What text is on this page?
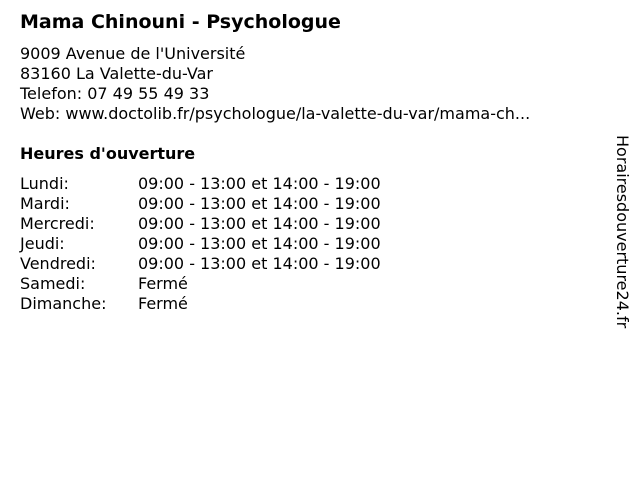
Mama Chinouni - Psychologue
9009 Avenue de l'Université
83160 La Valette-du-Var
Telefon: 07 49 55 49 33
Web: www.doctolib.fr/psychologue/la-valette-du-var/mama-ch...
Heures d'ouverture
Lundi:	09:00 - 13:00 et 14:00 - 19:00
Mardi:	09:00 - 13:00 et 14:00 - 19:00
Mercredi:	09:00 - 13:00 et 14:00 - 19:00
Jeudi:	09:00 - 13:00 et 14:00 - 19:00
Vendredi:	09:00 - 13:00 et 14:00 - 19:00
Samedi:	Fermé
Dimanche:	Fermé	Horairesdouverture24.fr
